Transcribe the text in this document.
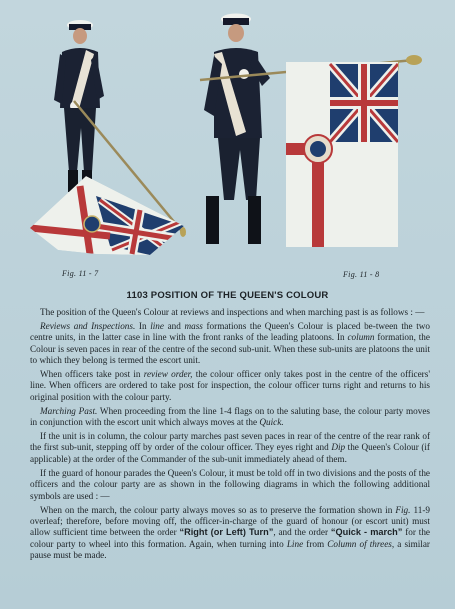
Fig. 11 - 7	Fig. 11 - 8
1103 POSITION OF THE QUEEN'S COLOUR

The position of the Queen's Colour at reviews and inspections and when marching past is as follows : —

Reviews and Inspections. In line and mass formations the Queen's Colour is placed be-tween the two centre units, in the latter case in line with the front ranks of the leading platoons. In column formation, the Colour is seven paces in rear of the centre of the second sub-unit. When these sub-units are platoons the unit to which they belong is termed the escort unit.

When officers take post in review order, the colour officer only takes post in the centre of the officers' line. When officers are ordered to take post for inspection, the colour officer turns right and returns to his original position with the colour party.

Marching Past. When proceeding from the line 1-4 flags on to the saluting base, the colour party moves in conjunction with the escort unit which always moves at the Quick.

If the unit is in column, the colour party marches past seven paces in rear of the centre of the rear rank of the first sub-unit, stepping off by order of the colour officer. They eyes right and Dip the Queen's Colour (if applicable) at the order of the Commander of the sub-unit immediately ahead of them.

If the guard of honour parades the Queen's Colour, it must be told off in two divisions and the posts of the officers and the colour party are as shown in the following diagrams in which the following additional symbols are used : —

When on the march, the colour party always moves so as to preserve the formation shown in Fig. 11-9 overleaf; therefore, before moving off, the officer-in-charge of the guard of honour (or escort unit) must allow sufficient time between the order “Right (or Left) Turn”, and the order “Quick - march” for the colour party to wheel into this formation. Again, when turning into Line from Column of threes, a similar pause must be made.
